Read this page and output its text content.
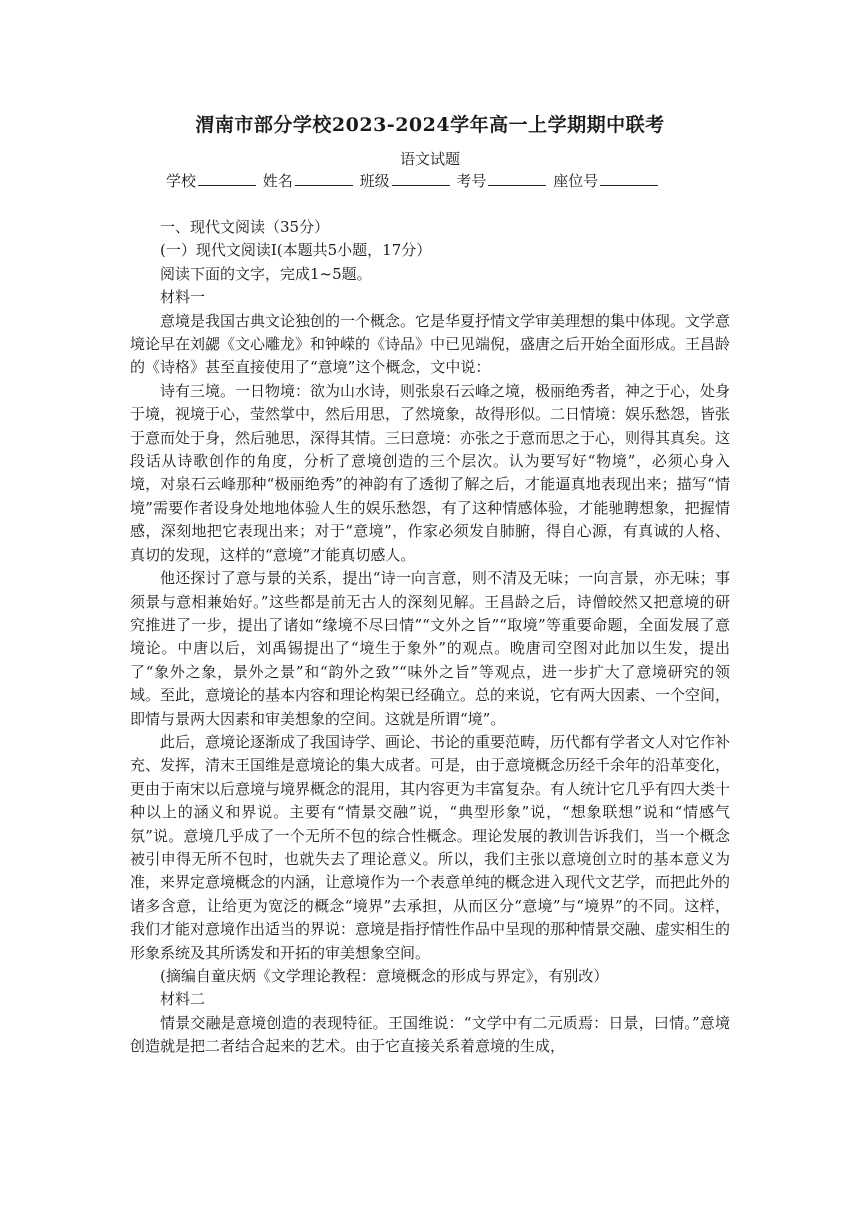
渭南市部分学校2023-2024学年高一上学期期中联考

语文试题

学校	姓名	班级	考号	座位号

一、现代文阅读（35分）

(一）现代文阅读Ⅰ(本题共5小题，17分）

阅读下面的文字，完成1~5题。

材料一

意境是我国古典文论独创的一个概念。它是华夏抒情文学审美理想的集中体现。文学意境论早在刘勰《文心雕龙》和钟嵘的《诗品》中已见端倪，盛唐之后开始全面形成。王昌龄的《诗格》甚至直接使用了“意境”这个概念，文中说：

诗有三境。一日物境：欲为山水诗，则张泉石云峰之境，极丽绝秀者，神之于心，处身于境，视境于心，莹然掌中，然后用思，了然境象，故得形似。二日情境：娱乐愁怨，皆张于意而处于身，然后驰思，深得其情。三曰意境：亦张之于意而思之于心，则得其真矣。这段话从诗歌创作的角度，分析了意境创造的三个层次。认为要写好“物境”，必须心身入境，对泉石云峰那种“极丽绝秀”的神韵有了透彻了解之后，才能逼真地表现出来；描写“情境”需要作者设身处地地体验人生的娱乐愁怨，有了这种情感体验，才能驰聘想象，把握情感，深刻地把它表现出来；对于“意境”，作家必须发自肺腑，得自心源，有真诚的人格、真切的发现，这样的“意境”才能真切感人。

他还探讨了意与景的关系，提出“诗一向言意，则不清及无味；一向言景，亦无味；事须景与意相兼始好。”这些都是前无古人的深刻见解。王昌龄之后，诗僧皎然又把意境的研究推进了一步，提出了诸如“缘境不尽曰情”“文外之旨”“取境”等重要命题，全面发展了意境论。中唐以后，刘禹锡提出了“境生于象外”的观点。晚唐司空图对此加以生发，提出了“象外之象，景外之景”和“韵外之致”“味外之旨”等观点，进一步扩大了意境研究的领域。至此，意境论的基本内容和理论构架已经确立。总的来说，它有两大因素、一个空间，即情与景两大因素和审美想象的空间。这就是所谓“境”。

此后，意境论逐渐成了我国诗学、画论、书论的重要范畴，历代都有学者文人对它作补充、发挥，清末王国维是意境论的集大成者。可是，由于意境概念历经千余年的沿革变化，更由于南宋以后意境与境界概念的混用，其内容更为丰富复杂。有人统计它几乎有四大类十种以上的涵义和界说。主要有“情景交融”说，“典型形象”说，“想象联想”说和“情感气氛”说。意境几乎成了一个无所不包的综合性概念。理论发展的教训告诉我们，当一个概念被引申得无所不包时，也就失去了理论意义。所以，我们主张以意境创立时的基本意义为准，来界定意境概念的内涵，让意境作为一个表意单纯的概念进入现代文艺学，而把此外的诸多含意，让给更为宽泛的概念“境界”去承担，从而区分“意境”与“境界”的不同。这样，我们才能对意境作出适当的界说：意境是指抒情性作品中呈现的那种情景交融、虚实相生的形象系统及其所诱发和开拓的审美想象空间。

(摘编自童庆炳《文学理论教程：意境概念的形成与界定》，有别改）

材料二

情景交融是意境创造的表现特征。王国维说：“文学中有二元质焉：日景，曰情。”意境创造就是把二者结合起来的艺术。由于它直接关系着意境的生成，
